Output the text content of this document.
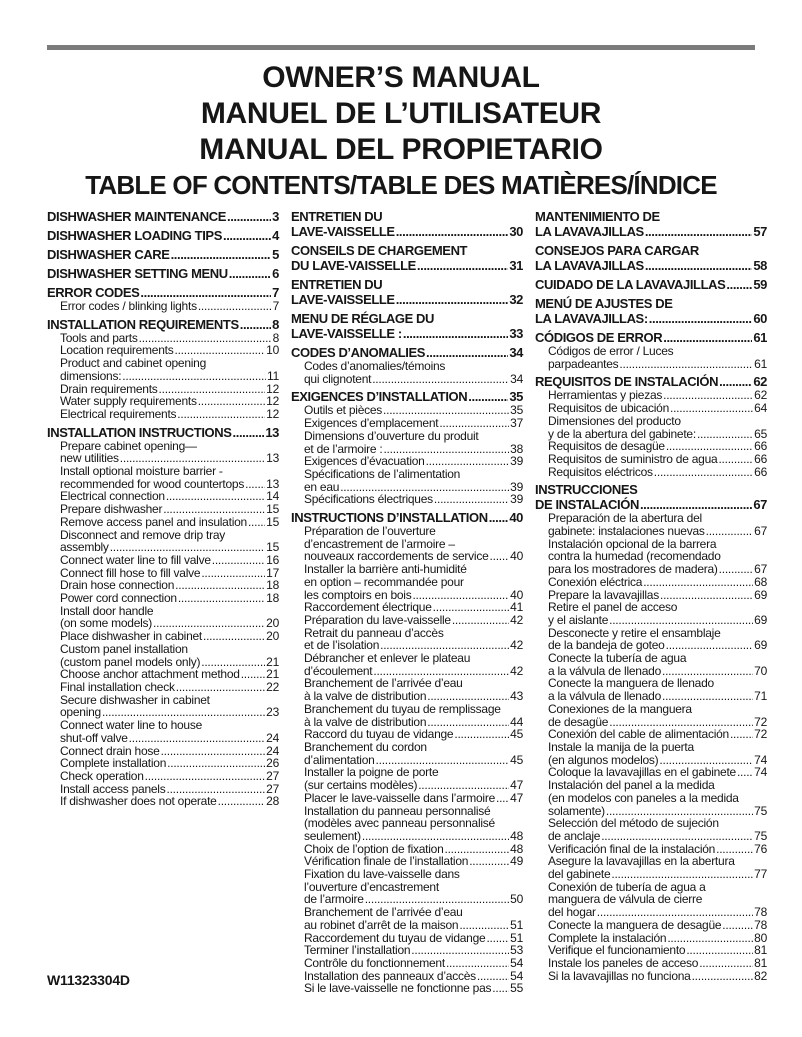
OWNER’S MANUAL
MANUEL DE L’UTILISATEUR
MANUAL DEL PROPIETARIO
TABLE OF CONTENTS/TABLE DES MATIÈRES/ÍNDICE
DISHWASHER MAINTENANCE .....	3
DISHWASHER LOADING TIPS .....	4
DISHWASHER CARE .....	5
DISHWASHER SETTING MENU .....	6
ERROR CODES .....	7
Error codes / blinking lights .....	7
INSTALLATION REQUIREMENTS .....	8
Tools and parts .....	8
Location requirements .....	10
Product and cabinet opening
dimensions: .....	11
Drain requirements .....	12
Water supply requirements .....	12
Electrical requirements .....	12
INSTALLATION INSTRUCTIONS .....	13
Prepare cabinet opening—
new utilities .....	13
Install optional moisture barrier -
recommended for wood countertops ..... 13
Electrical connection .....	14
Prepare dishwasher .....	15
Remove access panel and insulation ..... 15
Disconnect and remove drip tray
assembly .....	15
Connect water line to fill valve .....	16
Connect fill hose to fill valve .....	17
Drain hose connection .....	18
Power cord connection .....	18
Install door handle
(on some models) .....	20
Place dishwasher in cabinet .....	20
Custom panel installation
(custom panel models only) .....	21
Choose anchor attachment method ..... 21
Final installation check .....	22
Secure dishwasher in cabinet
opening .....	23
Connect water line to house
shut-off valve .....	24
Connect drain hose .....	24
Complete installation .....	26
Check operation .....	27
Install access panels .....	27
If dishwasher does not operate .....	28
ENTRETIEN DU
LAVE-VAISSELLE .....	30
CONSEILS DE CHARGEMENT
DU LAVE-VAISSELLE .....	31
ENTRETIEN DU
LAVE-VAISSELLE .....	32
MENU DE RÉGLAGE DU
LAVE-VAISSELLE : .....	33
CODES D’ANOMALIES .....	34
Codes d’anomalies/témoins
qui clignotent .....	34
EXIGENCES D’INSTALLATION .....	35
Outils et pièces .....	35
Exigences d’emplacement .....	37
Dimensions d’ouverture du produit
et de l’armoire : .....	38
Exigences d’évacuation .....	39
Spécifications de l’alimentation
en eau .....	39
Spécifications électriques .....	39
INSTRUCTIONS D’INSTALLATION ..... 40
Préparation de l’ouverture
d’encastrement de l’armoire –
nouveaux raccordements de service ..... 40
Installer la barrière anti-humidité
en option – recommandée pour
les comptoirs en bois .....	40
Raccordement électrique .....	41
Préparation du lave-vaisselle .....	42
Retrait du panneau d’accès
et de l’isolation .....	42
Débrancher et enlever le plateau
d’écoulement .....	42
Branchement de l’arrivée d’eau
à la valve de distribution .....	43
Branchement du tuyau de remplissage
à la valve de distribution .....	44
Raccord du tuyau de vidange .....	45
Branchement du cordon
d’alimentation .....	45
Installer la poigne de porte
(sur certains modèles) .....	47
Placer le lave-vaisselle dans l’armoire ..... 47
Installation du panneau personnalisé
(modèles avec panneau personnalisé
seulement) .....	48
Choix de l’option de fixation .....	48
Vérification finale de l’installation .....	49
Fixation du lave-vaisselle dans
l’ouverture d’encastrement
de l’armoire .....	50
Branchement de l’arrivée d’eau
au robinet d’arrêt de la maison .....	51
Raccordement du tuyau de vidange ..... 51
Terminer l’installation .....	53
Contrôle du fonctionnement .....	54
Installation des panneaux d’accès .....	54
Si le lave-vaisselle ne fonctionne pas ..... 55
MANTENIMIENTO DE
LA LAVAVAJILLAS .....	57
CONSEJOS PARA CARGAR
LA LAVAVAJILLAS .....	58
CUIDADO DE LA LAVAVAJILLAS ..... 59
MENÚ DE AJUSTES DE
LA LAVAVAJILLAS: .....	60
CÓDIGOS DE ERROR .....	61
Códigos de error / Luces
parpadeantes .....	61
REQUISITOS DE INSTALACIÓN .....	62
Herramientas y piezas .....	62
Requisitos de ubicación .....	64
Dimensiones del producto
y de la abertura del gabinete: .....	65
Requisitos de desagüe .....	66
Requisitos de suministro de agua .....	66
Requisitos eléctricos .....	66
INSTRUCCIONES
DE INSTALACIÓN .....	67
Preparación de la abertura del
gabinete: instalaciones nuevas .....	67
Instalación opcional de la barrera
contra la humedad (recomendado
para los mostradores de madera) .....	67
Conexión eléctrica .....	68
Prepare la lavavajillas .....	69
Retire el panel de acceso
y el aislante .....	69
Desconecte y retire el ensamblaje
de la bandeja de goteo .....	69
Conecte la tubería de agua
a la válvula de llenado .....	70
Conecte la manguera de llenado
a la válvula de llenado .....	71
Conexiones de la manguera
de desagüe .....	72
Conexión del cable de alimentación ..... 72
Instale la manija de la puerta
(en algunos modelos) .....	74
Coloque la lavavajillas en el gabinete ..... 74
Instalación del panel a la medida
(en modelos con paneles a la medida
solamente) .....	75
Selección del método de sujeción
de anclaje .....	75
Verificación final de la instalación .....	76
Asegure la lavavajillas en la abertura
del gabinete .....	77
Conexión de tubería de agua a
manguera de válvula de cierre
del hogar .....	78
Conecte la manguera de desagüe .....	78
Complete la instalación .....	80
Verifique el funcionamiento .....	81
Instale los paneles de acceso .....	81
Si la lavavajillas no funciona .....	82
W11323304D
